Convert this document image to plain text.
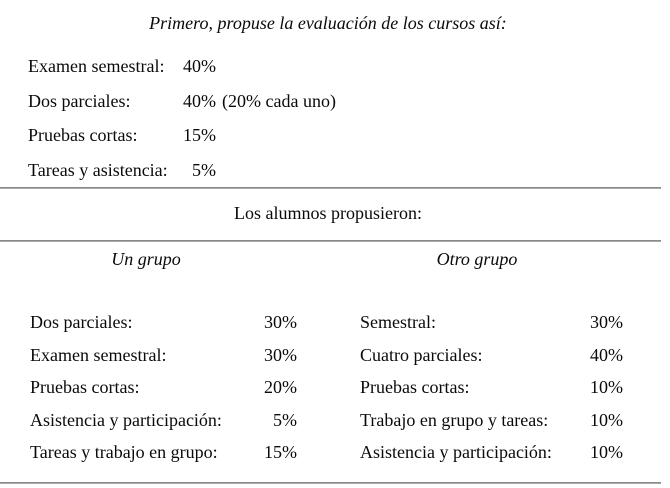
Primero, propuse la evaluación de los cursos así:
Examen semestral:	40%
Dos parciales:	40% (20% cada uno)
Pruebas cortas:	15%
Tareas y asistencia:	5%
Los alumnos propusieron:
Un grupo	Otro grupo
Dos parciales:	30%
Examen semestral:	30%
Pruebas cortas:	20%
Asistencia y participación:	5%
Tareas y trabajo en grupo:	15%
Semestral:	30%
Cuatro parciales:	40%
Pruebas cortas:	10%
Trabajo en grupo y tareas: 10%
Asistencia y participación: 10%
